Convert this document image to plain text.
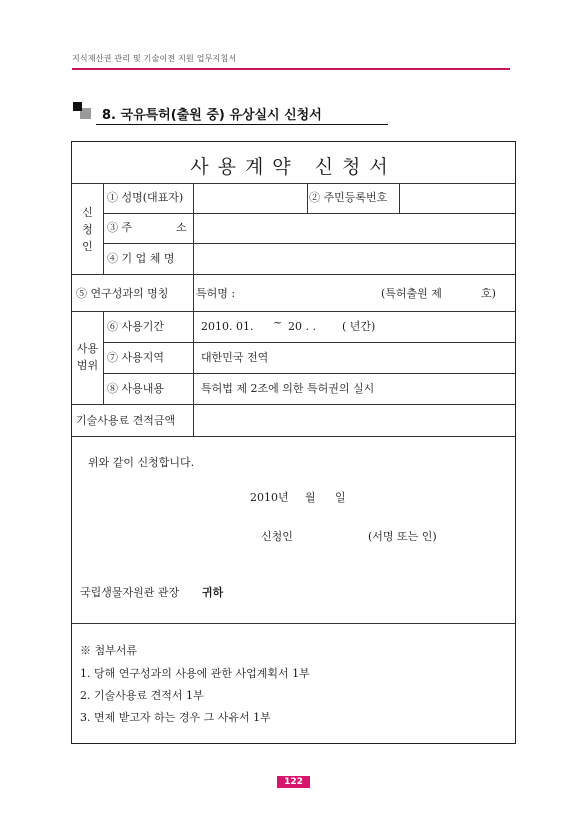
지식재산권 관리 및 기술이전 지원 업무지침서
8. 국유특허(출원 중) 유상실시 신청서
사용계약 신청서
신청인
① 성명(대표자)	② 주민등록번호
③ 주	소
④ 기 업 체 명
⑤ 연구성과의 명칭	특허명 :	(특허출원 제	호)
사용범위
⑥ 사용기간	2010. 01. ~ 20 . . ( 년간)
⑦ 사용지역	대한민국 전역
⑧ 사용내용	특허법 제 2조에 의한 특허권의 실시
기술사용료 견적금액
위와 같이 신청합니다.
2010년 월 일
신청인	(서명 또는 인)
국립생물자원관 관장 귀하
※ 첨부서류
1. 당해 연구성과의 사용에 관한 사업계획서 1부
2. 기술사용료 견적서 1부
3. 면제 받고자 하는 경우 그 사유서 1부
122
